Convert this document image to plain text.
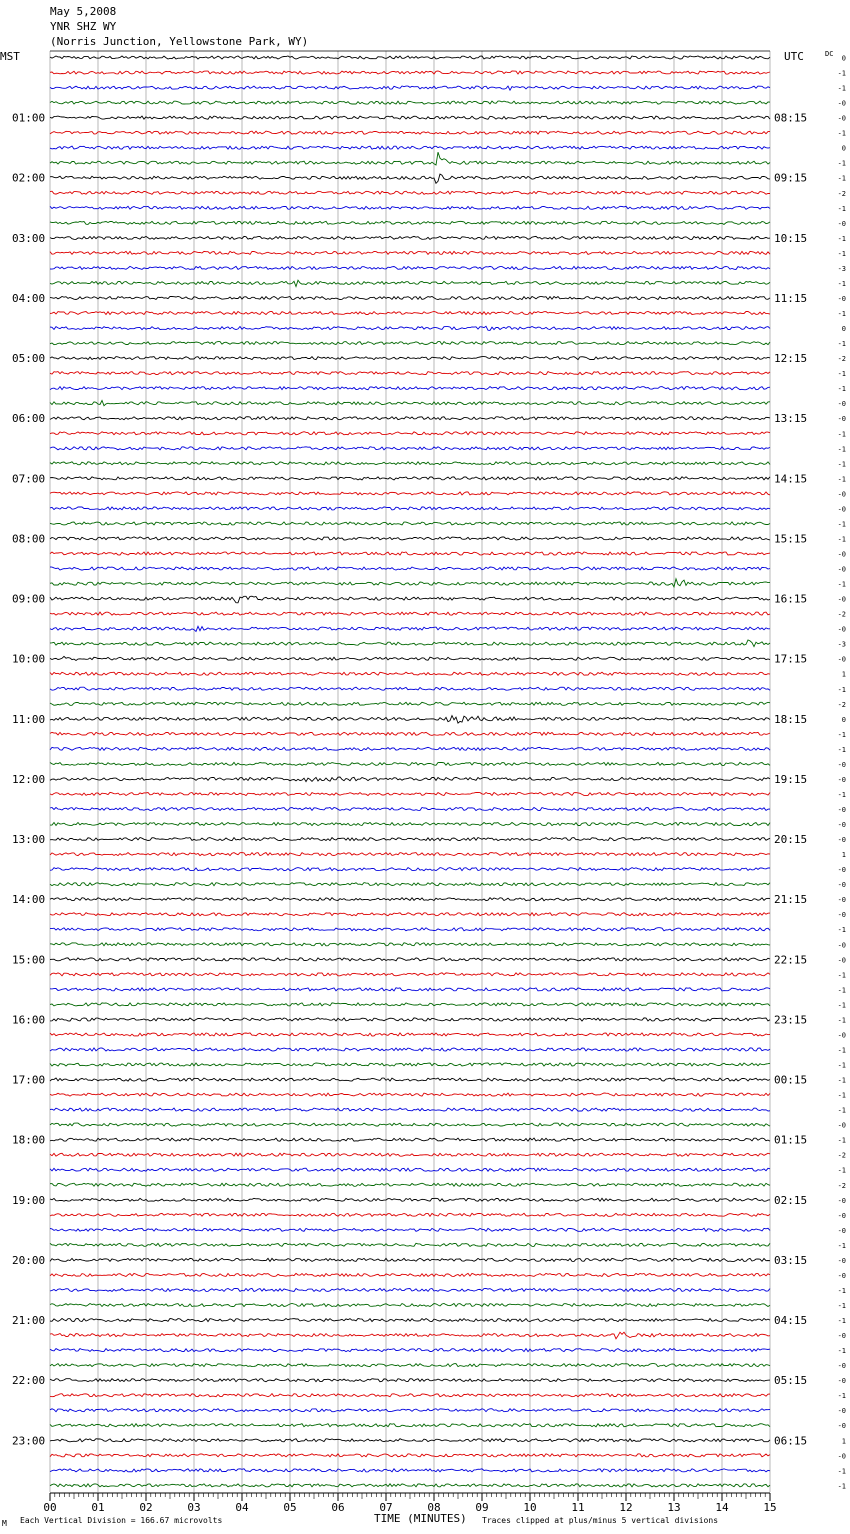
May 5,2008
YNR SHZ WY
(Norris Junction, Yellowstone Park, WY)
MST	UTC	DC
01:00
02:00
03:00
04:00
05:00
06:00
07:00
08:00
09:00
10:00
11:00
12:00
13:00
14:00
15:00
16:00
17:00
18:00
19:00
20:00
21:00
22:00
23:00
08:15
09:15
10:15
11:15
12:15
13:15
14:15
15:15
16:15
17:15
18:15
19:15
20:15
21:15
22:15
23:15
00:15
01:15
02:15
03:15
04:15
05:15
06:15
0
-1
-1
-0
-0
-1
0
-1
-1
-2
-1
-0
-1
-1
-3
-1
-0
-1
0
-1
-2
-1
-1
-0
-0
-1
-1
-1
-1
-0
-0
-1
-1
-0
-0
-1
-0
-2
-0
-3
-0
1
-1
-2
0
-1
-1
-0
-0
-1
-0
-0
-0
1
-0
-0
-0
-0
-1
-0
-0
-1
-1
-1
-1
-0
-1
-1
-1
-1
-1
-0
-1
-2
-1
-2
-0
-0
-0
-1
-0
-0
-1
-1
-1
-0
-1
-0
-0
-1
-0
-0
1
-0
-1
-1
00	01	02	03	04	05	06	07	08	09	10	11	12	13	14	15
TIME (MINUTES)
Each Vertical Division = 166.67 microvolts	Traces clipped at plus/minus 5 vertical divisions
M
